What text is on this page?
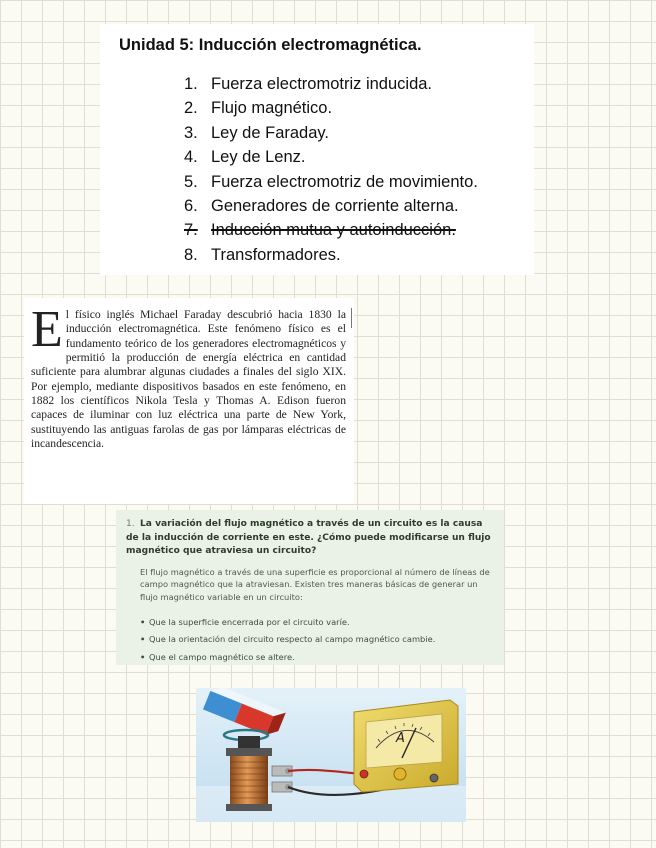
Unidad 5: Inducción electromagnética.
1. Fuerza electromotriz inducida.
2. Flujo magnético.
3. Ley de Faraday.
4. Ley de Lenz.
5. Fuerza electromotriz de movimiento.
6. Generadores de corriente alterna.
7. Inducción mutua y autoinducción.
8. Transformadores.

El físico inglés Michael Faraday descubrió hacia 1830 la inducción electromagnética. Este fenómeno físico es el fundamento teórico de los generadores electromagnéticos y permitió la producción de energía eléctrica en cantidad suficiente para alumbrar algunas ciudades a finales del siglo XIX. Por ejemplo, mediante dispositivos basados en este fenómeno, en 1882 los científicos Nikola Tesla y Thomas A. Edison fueron capaces de iluminar con luz eléctrica una parte de New York, sustituyendo las antiguas farolas de gas por lámparas eléctricas de incandescencia.

1. La variación del flujo magnético a través de un circuito es la causa de la inducción de corriente en este. ¿Cómo puede modificarse un flujo magnético que atraviesa un circuito?

El flujo magnético a través de una superficie es proporcional al número de líneas de campo magnético que la atraviesan. Existen tres maneras básicas de generar un flujo magnético variable en un circuito:

• Que la superficie encerrada por el circuito varíe.
• Que la orientación del circuito respecto al campo magnético cambie.
• Que el campo magnético se altere.
A
